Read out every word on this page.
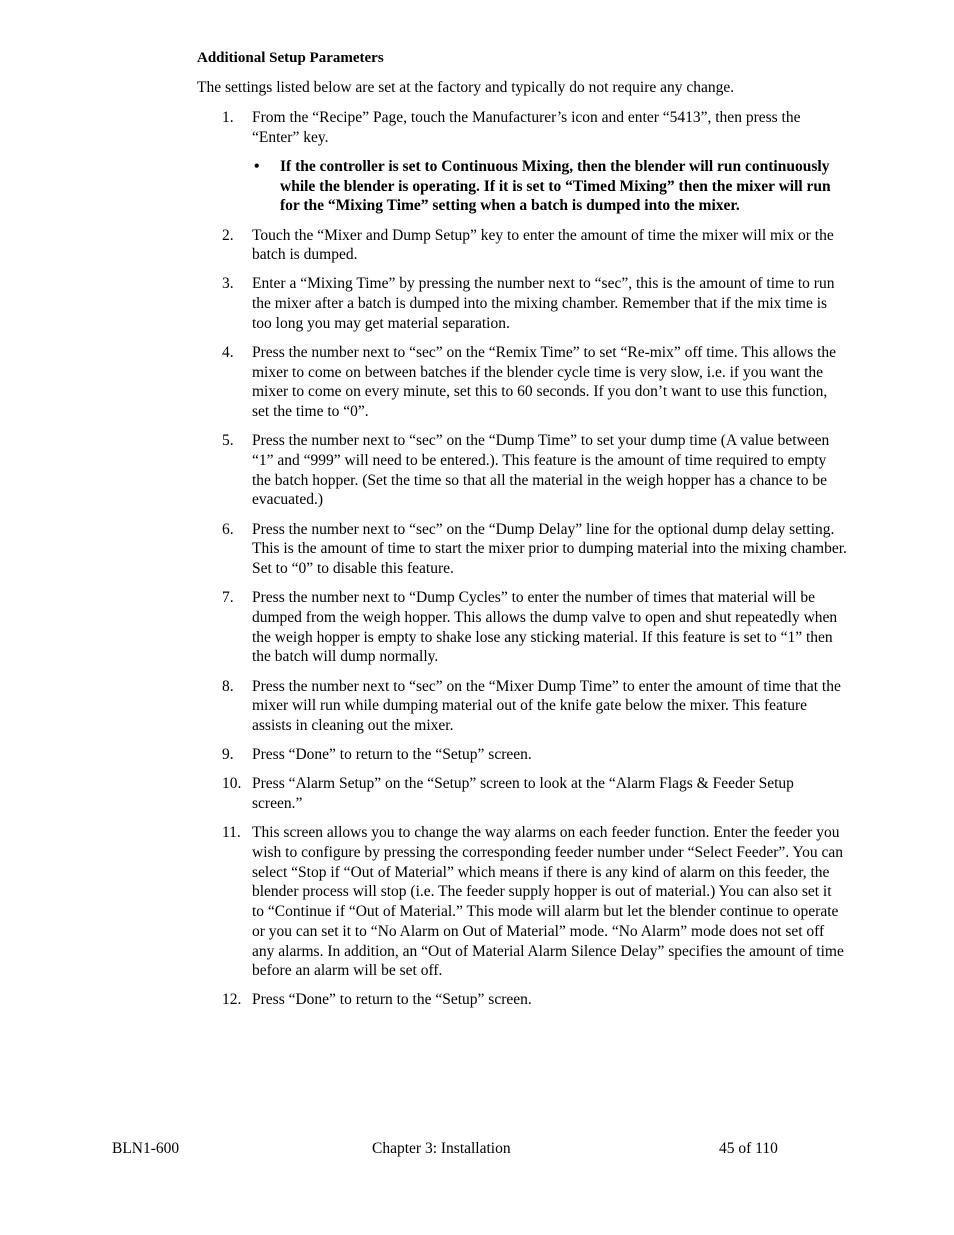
Additional Setup Parameters
The settings listed below are set at the factory and typically do not require any change.
1.	From the “Recipe” Page, touch the Manufacturer’s icon and enter “5413”, then press the “Enter” key.
• If the controller is set to Continuous Mixing, then the blender will run continuously while the blender is operating. If it is set to “Timed Mixing” then the mixer will run for the “Mixing Time” setting when a batch is dumped into the mixer.
2.	Touch the “Mixer and Dump Setup” key to enter the amount of time the mixer will mix or the batch is dumped.
3.	Enter a “Mixing Time” by pressing the number next to “sec”, this is the amount of time to run the mixer after a batch is dumped into the mixing chamber. Remember that if the mix time is too long you may get material separation.
4.	Press the number next to “sec” on the “Remix Time” to set “Re-mix” off time. This allows the mixer to come on between batches if the blender cycle time is very slow, i.e. if you want the mixer to come on every minute, set this to 60 seconds. If you don’t want to use this function, set the time to “0”.
5.	Press the number next to “sec” on the “Dump Time” to set your dump time (A value between “1” and “999” will need to be entered.). This feature is the amount of time required to empty the batch hopper. (Set the time so that all the material in the weigh hopper has a chance to be evacuated.)
6.	Press the number next to “sec” on the “Dump Delay” line for the optional dump delay setting. This is the amount of time to start the mixer prior to dumping material into the mixing chamber. Set to “0” to disable this feature.
7.	Press the number next to “Dump Cycles” to enter the number of times that material will be dumped from the weigh hopper. This allows the dump valve to open and shut repeatedly when the weigh hopper is empty to shake lose any sticking material. If this feature is set to “1” then the batch will dump normally.
8.	Press the number next to “sec” on the “Mixer Dump Time” to enter the amount of time that the mixer will run while dumping material out of the knife gate below the mixer. This feature assists in cleaning out the mixer.
9.	Press “Done” to return to the “Setup” screen.
10. Press “Alarm Setup” on the “Setup” screen to look at the “Alarm Flags & Feeder Setup screen.”
11. This screen allows you to change the way alarms on each feeder function. Enter the feeder you wish to configure by pressing the corresponding feeder number under “Select Feeder”. You can select “Stop if “Out of Material” which means if there is any kind of alarm on this feeder, the blender process will stop (i.e. The feeder supply hopper is out of material.) You can also set it to “Continue if “Out of Material.” This mode will alarm but let the blender continue to operate or you can set it to “No Alarm on Out of Material” mode. “No Alarm” mode does not set off any alarms. In addition, an “Out of Material Alarm Silence Delay” specifies the amount of time before an alarm will be set off.
12. Press “Done” to return to the “Setup” screen.
BLN1-600	Chapter 3: Installation	45 of 110
